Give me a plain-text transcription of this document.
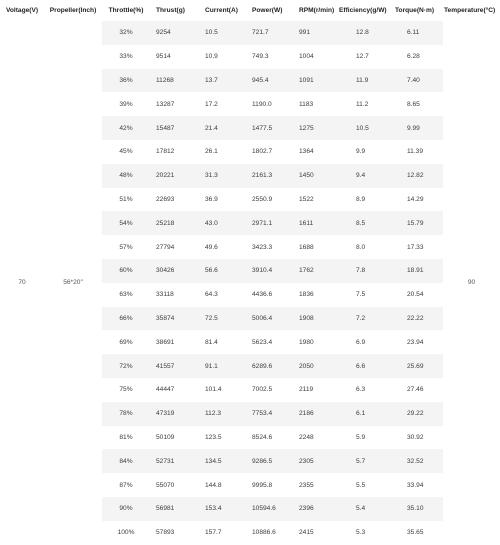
Voltage(V)	Propeller(Inch)	Throttle(%)	Thrust(g)	Current(A)	Power(W)	RPM(r/min)	Efficiency(g/W)	Torque(N·m)	Temperature(°C)
70	56*20"	32%	9254	10.5	721.7	991	12.8	6.11	90
		33%	9514	10.9	749.3	1004	12.7	6.28	
		36%	11268	13.7	945.4	1091	11.9	7.40	
		39%	13287	17.2	1190.0	1183	11.2	8.65	
		42%	15487	21.4	1477.5	1275	10.5	9.99	
		45%	17812	26.1	1802.7	1364	9.9	11.39	
		48%	20221	31.3	2161.3	1450	9.4	12.82	
		51%	22693	36.9	2550.9	1522	8.9	14.29	
		54%	25218	43.0	2971.1	1611	8.5	15.79	
		57%	27794	49.6	3423.3	1688	8.0	17.33	
		60%	30426	56.6	3910.4	1762	7.8	18.91	
		63%	33118	64.3	4436.6	1836	7.5	20.54	
		66%	35874	72.5	5006.4	1908	7.2	22.22	
		69%	38691	81.4	5623.4	1980	6.9	23.94	
		72%	41557	91.1	6289.6	2050	6.6	25.69	
		75%	44447	101.4	7002.5	2119	6.3	27.46	
		78%	47319	112.3	7753.4	2186	6.1	29.22	
		81%	50109	123.5	8524.6	2248	5.9	30.92	
		84%	52731	134.5	9286.5	2305	5.7	32.52	
		87%	55070	144.8	9995.8	2355	5.5	33.94	
		90%	56981	153.4	10594.6	2396	5.4	35.10	
		100%	57893	157.7	10886.6	2415	5.3	35.65	
